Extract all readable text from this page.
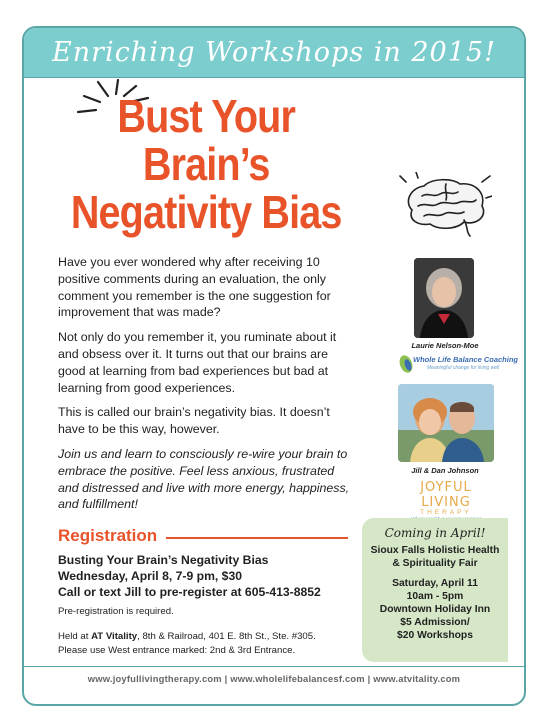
Enriching Workshops in 2015!
Bust Your Brain’s
Negativity Bias

Have you ever wondered why after receiving 10 positive comments during an evaluation, the only comment you remember is the one suggestion for improvement that was made?

Not only do you remember it, you ruminate about it and obsess over it. It turns out that our brains are good at learning from bad experiences but bad at learning from good experiences.

This is called our brain’s negativity bias. It doesn’t have to be this way, however.

Join us and learn to consciously re-wire your brain to embrace the positive. Feel less anxious, frustrated and distressed and live with more energy, happiness, and fulfillment!

Laurie Nelson-Moe
Whole Life Balance Coaching
Meaningful change for living well
Jill & Dan Johnson
JOYFUL LIVING
THERAPY
Registration
Busting Your Brain’s Negativity Bias
Wednesday, April 8, 7-9 pm, $30
Call or text Jill to pre-register at 605-413-8852
Pre-registration is required.
Held at AT Vitality, 8th & Railroad, 401 E. 8th St., Ste. #305.
Please use West entrance marked: 2nd & 3rd Entrance.
Coming in April!
Sioux Falls Holistic Health
& Spirituality Fair
Saturday, April 11
10am - 5pm
Downtown Holiday Inn
$5 Admission/
$20 Workshops
www.joyfullivingtherapy.com | www.wholelifebalancesf.com | www.atvitality.com
